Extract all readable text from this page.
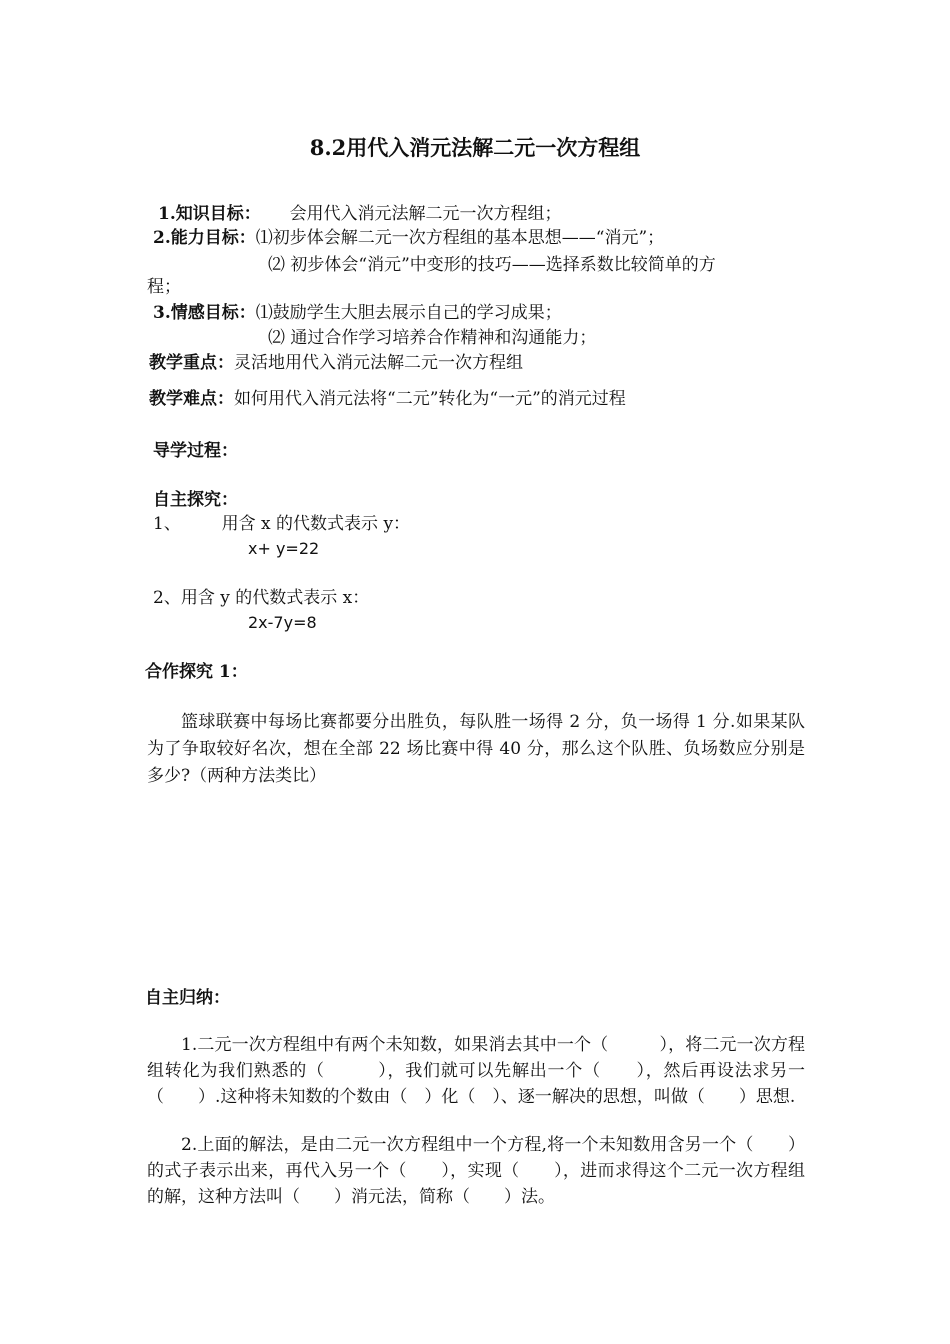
8.2用代入消元法解二元一次方程组
1.知识目标： 会用代入消元法解二元一次方程组；
2.能力目标：⑴初步体会解二元一次方程组的基本思想——“消元”；
⑵ 初步体会“消元”中变形的技巧——选择系数比较简单的方
程；
3.情感目标：⑴鼓励学生大胆去展示自己的学习成果；
⑵ 通过合作学习培养合作精神和沟通能力；
教学重点：灵活地用代入消元法解二元一次方程组
教学难点：如何用代入消元法将“二元”转化为“一元”的消元过程
导学过程：
自主探究：
1、 用含 x 的代数式表示 y：
x+ y=22
2、用含 y 的代数式表示 x：
2x-7y=8
合作探究 1：
篮球联赛中每场比赛都要分出胜负，每队胜一场得 2 分，负一场得 1 分.如果某队为了争取较好名次，想在全部 22 场比赛中得 40 分，那么这个队胜、负场数应分别是多少?（两种方法类比）
自主归纳：
1.二元一次方程组中有两个未知数，如果消去其中一个（　　　），将二元一次方程组转化为我们熟悉的（　　　），我们就可以先解出一个（　　），然后再设法求另一（　　）.这种将未知数的个数由（　）化（　）、逐一解决的思想，叫做（　　）思想.
2.上面的解法，是由二元一次方程组中一个方程,将一个未知数用含另一个（　　）的式子表示出来，再代入另一个（　　），实现（　　），进而求得这个二元一次方程组的解，这种方法叫（　　）消元法，简称（　　）法。
